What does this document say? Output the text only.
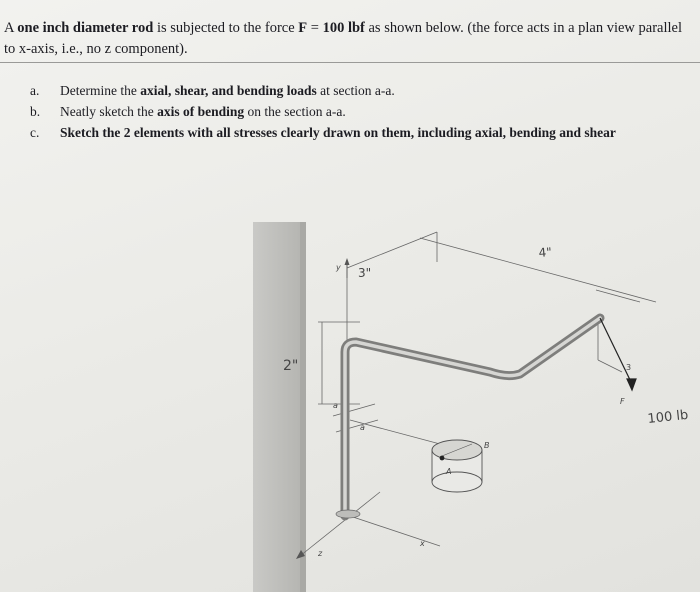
A one inch diameter rod is subjected to the force F = 100 lbf as shown below. (the force acts in a plan view parallel to x-axis, i.e., no z component).
a.	Determine the axial, shear, and bending loads at section a-a.
b.	Neatly sketch the axis of bending on the section a-a.
c.	Sketch the 2 elements with all stresses clearly drawn on them, including axial, bending and shear
3"
4"
2"
100 lb
a
a
y
z
x
F
3
A
B
